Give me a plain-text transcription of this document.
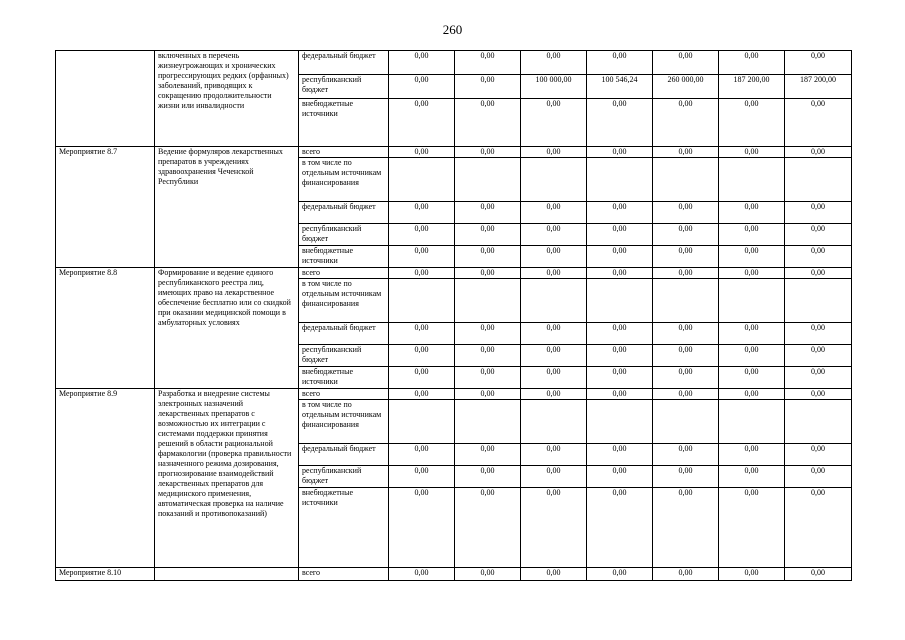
260
	включенных в перечень жизнеугрожающих и хронических прогрессирующих редких (орфанных) заболеваний, приводящих к сокращению продолжительности жизни или инвалидности	федеральный бюджет	0,00	0,00	0,00	0,00	0,00	0,00	0,00
		республиканский бюджет	0,00	0,00	100 000,00	100 546,24	260 000,00	187 200,00	187 200,00
		внебюджетные источники	0,00	0,00	0,00	0,00	0,00	0,00	0,00
Мероприятие 8.7	Ведение формуляров лекарственных препаратов в учреждениях здравоохранения Чеченской Республики	всего	0,00	0,00	0,00	0,00	0,00	0,00	0,00
		в том числе по отдельным источникам финансирования							
		федеральный бюджет	0,00	0,00	0,00	0,00	0,00	0,00	0,00
		республиканский бюджет	0,00	0,00	0,00	0,00	0,00	0,00	0,00
		внебюджетные источники	0,00	0,00	0,00	0,00	0,00	0,00	0,00
Мероприятие 8.8	Формирование и ведение единого республиканского реестра лиц, имеющих право на лекарственное обеспечение бесплатно или со скидкой при оказании медицинской помощи в амбулаторных условиях	всего	0,00	0,00	0,00	0,00	0,00	0,00	0,00
		в том числе по отдельным источникам финансирования							
		федеральный бюджет	0,00	0,00	0,00	0,00	0,00	0,00	0,00
		республиканский бюджет	0,00	0,00	0,00	0,00	0,00	0,00	0,00
		внебюджетные источники	0,00	0,00	0,00	0,00	0,00	0,00	0,00
Мероприятие 8.9	Разработка и внедрение системы электронных назначений лекарственных препаратов с возможностью их интеграции с системами поддержки принятия решений в области рациональной фармакологии (проверка правильности назначенного режима дозирования, прогнозирование взаимодействий лекарственных препаратов для медицинского применения, автоматическая проверка на наличие показаний и противопоказаний)	всего	0,00	0,00	0,00	0,00	0,00	0,00	0,00
		в том числе по отдельным источникам финансирования							
		федеральный бюджет	0,00	0,00	0,00	0,00	0,00	0,00	0,00
		республиканский бюджет	0,00	0,00	0,00	0,00	0,00	0,00	0,00
		внебюджетные источники	0,00	0,00	0,00	0,00	0,00	0,00	0,00
Мероприятие 8.10		всего	0,00	0,00	0,00	0,00	0,00	0,00	0,00
